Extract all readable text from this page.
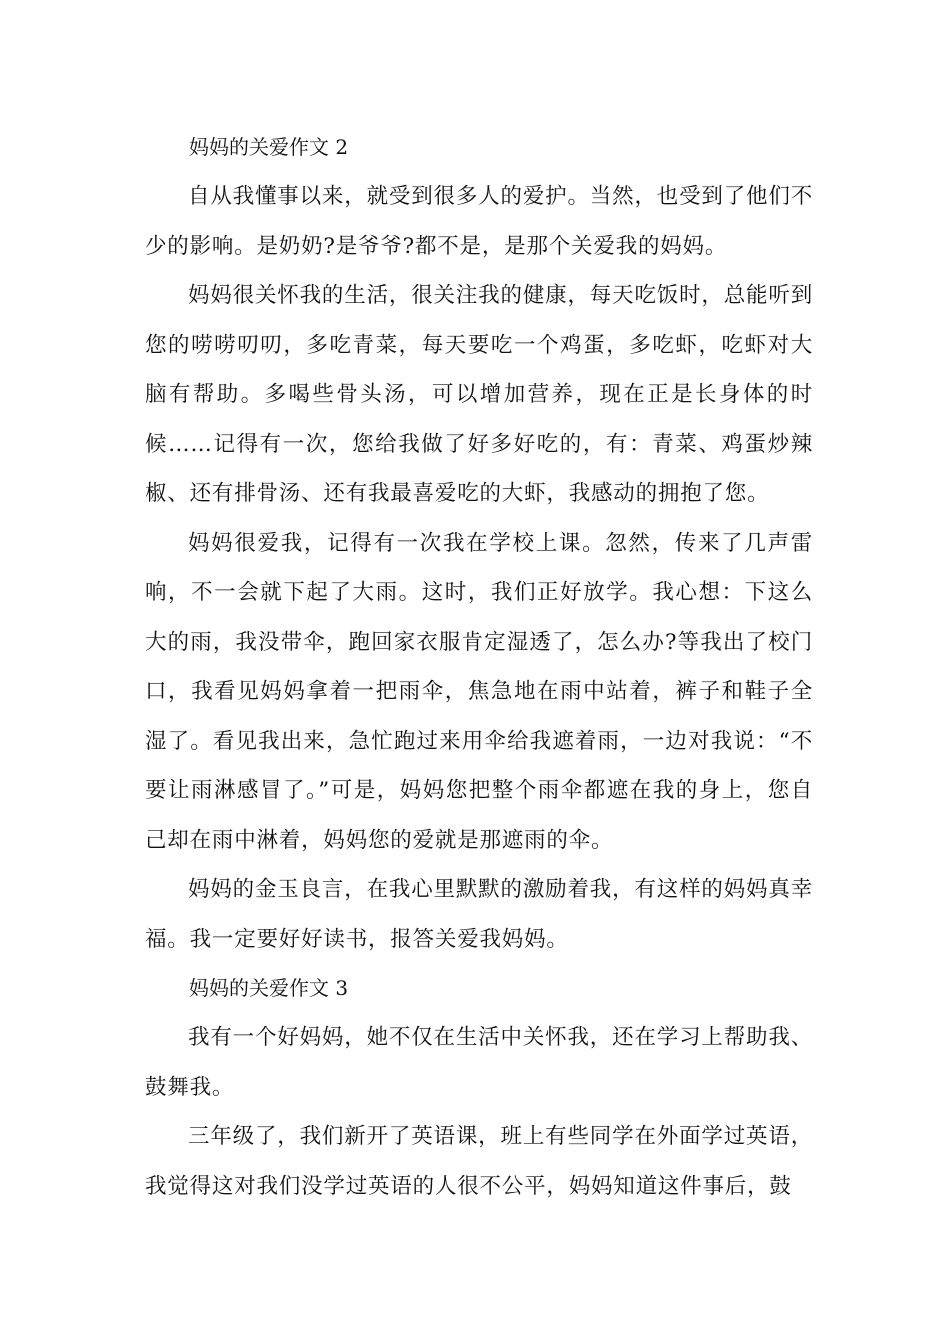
妈妈的关爱作文 2

自从我懂事以来，就受到很多人的爱护。当然，也受到了他们不少的影响。是奶奶?是爷爷?都不是，是那个关爱我的妈妈。

妈妈很关怀我的生活，很关注我的健康，每天吃饭时，总能听到您的唠唠叨叨，多吃青菜，每天要吃一个鸡蛋，多吃虾，吃虾对大脑有帮助。多喝些骨头汤，可以增加营养，现在正是长身体的时候……记得有一次，您给我做了好多好吃的，有：青菜、鸡蛋炒辣椒、还有排骨汤、还有我最喜爱吃的大虾，我感动的拥抱了您。

妈妈很爱我，记得有一次我在学校上课。忽然，传来了几声雷响，不一会就下起了大雨。这时，我们正好放学。我心想：下这么大的雨，我没带伞，跑回家衣服肯定湿透了，怎么办?等我出了校门口，我看见妈妈拿着一把雨伞，焦急地在雨中站着，裤子和鞋子全湿了。看见我出来，急忙跑过来用伞给我遮着雨，一边对我说：“不要让雨淋感冒了。”可是，妈妈您把整个雨伞都遮在我的身上，您自己却在雨中淋着，妈妈您的爱就是那遮雨的伞。

妈妈的金玉良言，在我心里默默的激励着我，有这样的妈妈真幸福。我一定要好好读书，报答关爱我妈妈。

妈妈的关爱作文 3

我有一个好妈妈，她不仅在生活中关怀我，还在学习上帮助我、鼓舞我。

三年级了，我们新开了英语课，班上有些同学在外面学过英语，我觉得这对我们没学过英语的人很不公平，妈妈知道这件事后，鼓
